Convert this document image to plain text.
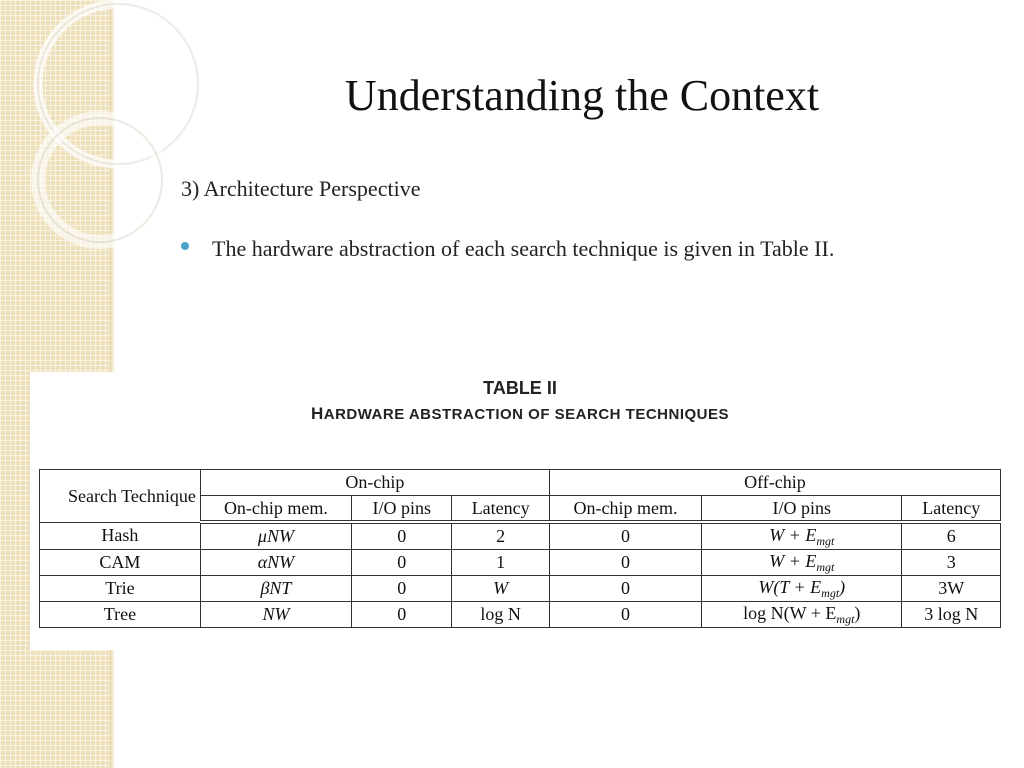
Understanding the Context
3) Architecture Perspective
The hardware abstraction of each search technique is given in Table II.
TABLE II
HARDWARE ABSTRACTION OF SEARCH TECHNIQUES
Search Technique	On-chip			Off-chip		
	On-chip mem.	I/O pins	Latency	On-chip mem.	I/O pins	Latency
Hash	μNW	0	2	0	$W + E_{mgt}$	6
CAM	αNW	0	1	0	$W + E_{mgt}$	3
Trie	βNT	0	W	0	$W(T + E_{mgt})$	3W
Tree	NW	0	log N	0	$\log N(W + E_{mgt})$	3 log N
